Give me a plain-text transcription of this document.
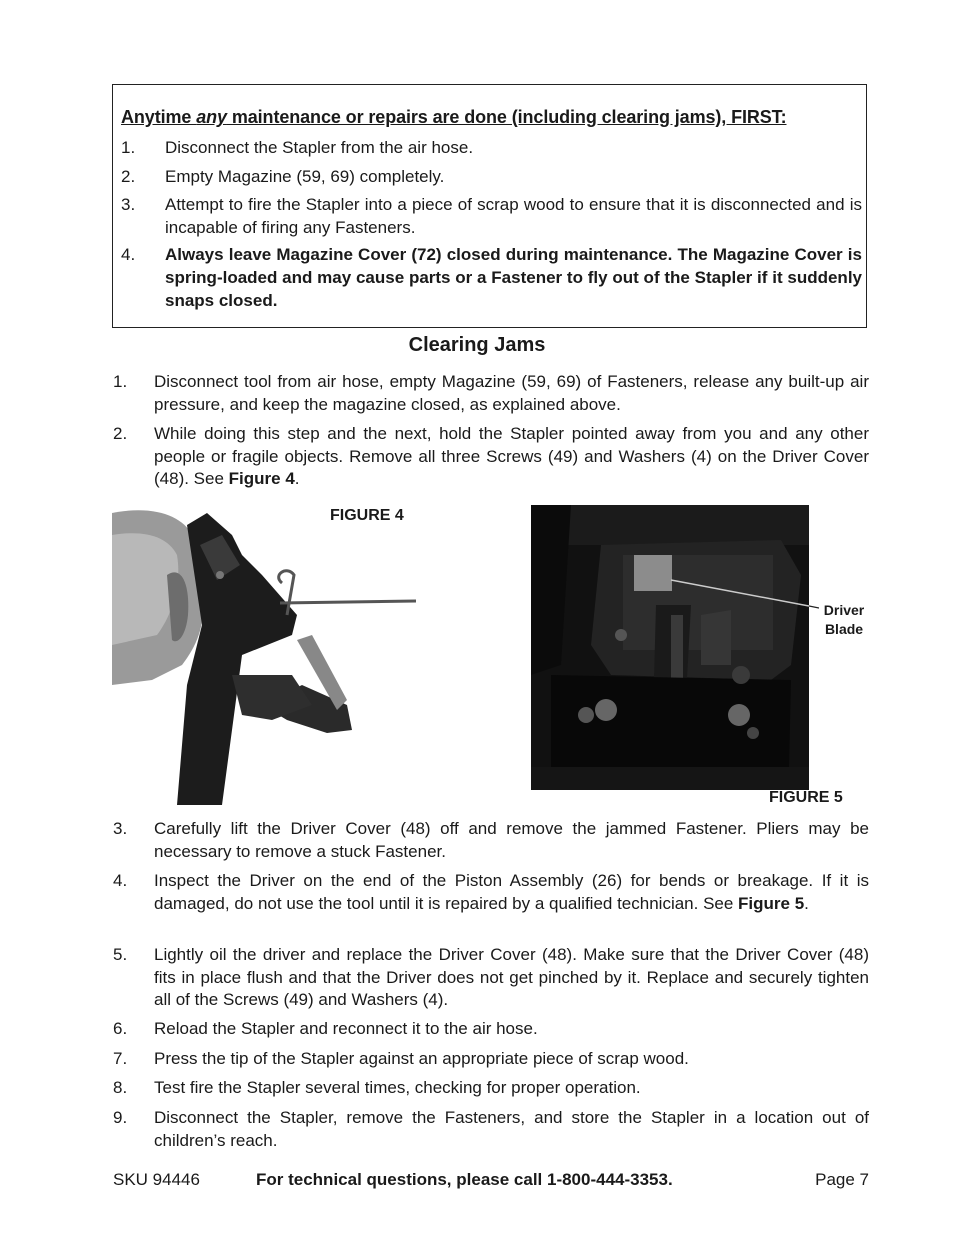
Anytime any maintenance or repairs are done (including clearing jams), FIRST:
1. Disconnect the Stapler from the air hose.
2. Empty Magazine (59, 69) completely.
3. Attempt to fire the Stapler into a piece of scrap wood to ensure that it is disconnected and is incapable of firing any Fasteners.
4. Always leave Magazine Cover (72) closed during maintenance. The Magazine Cover is spring-loaded and may cause parts or a Fastener to fly out of the Stapler if it suddenly snaps closed.
Clearing Jams
1. Disconnect tool from air hose, empty Magazine (59, 69) of Fasteners, release any built-up air pressure, and keep the magazine closed, as explained above.
2. While doing this step and the next, hold the Stapler pointed away from you and any other people or fragile objects. Remove all three Screws (49) and Washers (4) on the Driver Cover (48). See Figure 4.
FIGURE 4
Driver
Blade
FIGURE 5
3. Carefully lift the Driver Cover (48) off and remove the jammed Fastener. Pliers may be necessary to remove a stuck Fastener.
4. Inspect the Driver on the end of the Piston Assembly (26) for bends or breakage. If it is damaged, do not use the tool until it is repaired by a qualified technician. See Figure 5.
5. Lightly oil the driver and replace the Driver Cover (48). Make sure that the Driver Cover (48) fits in place flush and that the Driver does not get pinched by it. Replace and securely tighten all of the Screws (49) and Washers (4).
6. Reload the Stapler and reconnect it to the air hose.
7. Press the tip of the Stapler against an appropriate piece of scrap wood.
8. Test fire the Stapler several times, checking for proper operation.
9. Disconnect the Stapler, remove the Fasteners, and store the Stapler in a location out of children’s reach.
SKU 94446	For technical questions, please call 1-800-444-3353.	Page 7
